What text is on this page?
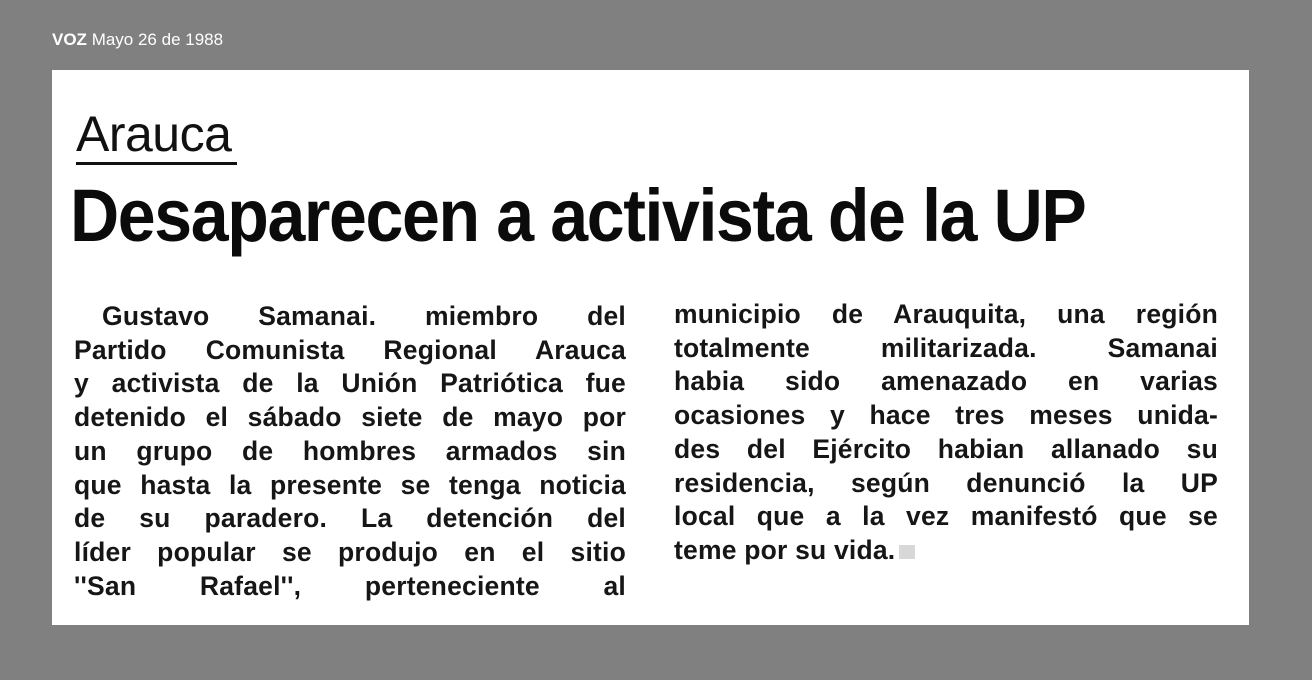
VOZ Mayo 26 de 1988
Arauca
Desaparecen a activista de la UP
Gustavo Samanai. miembro del
Partido Comunista Regional Arauca
y activista de la Unión Patriótica fue
detenido el sábado siete de mayo por
un grupo de hombres armados sin
que hasta la presente se tenga noticia
de su paradero. La detención del
líder popular se produjo en el sitio
''San Rafael'', perteneciente al
municipio de Arauquita, una región
totalmente militarizada. Samanai
habia sido amenazado en varias
ocasiones y hace tres meses unida-
des del Ejército habian allanado su
residencia, según denunció la UP
local que a la vez manifestó que se
teme por su vida.
